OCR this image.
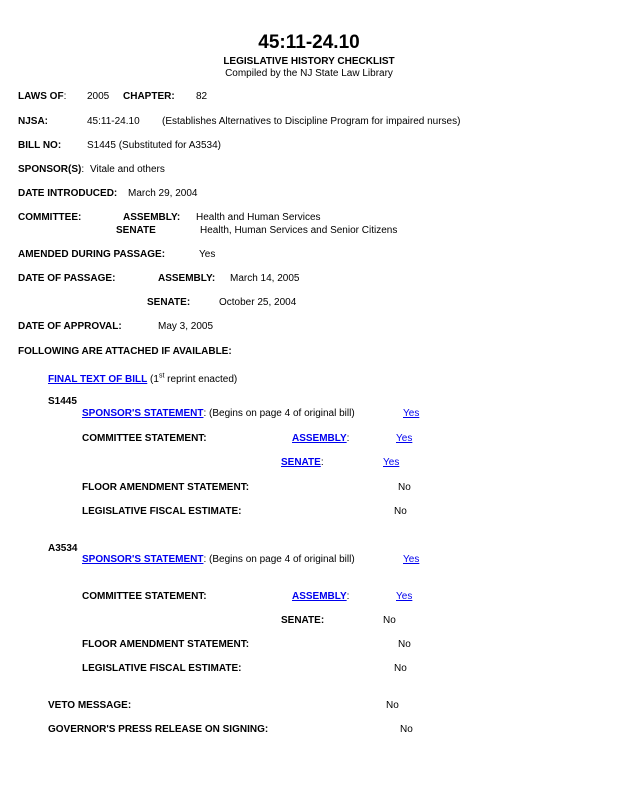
45:11-24.10
LEGISLATIVE HISTORY CHECKLIST
Compiled by the NJ State Law Library
LAWS OF: 2005 CHAPTER: 82
NJSA:	45:11-24.10 (Establishes Alternatives to Discipline Program for impaired nurses)
BILL NO:	S1445 (Substituted for A3534)
SPONSOR(S): Vitale and others
DATE INTRODUCED: March 29, 2004
COMMITTEE:	ASSEMBLY: Health and Human Services
SENATE	Health, Human Services and Senior Citizens
AMENDED DURING PASSAGE:	Yes
DATE OF PASSAGE:	ASSEMBLY: March 14, 2005
SENATE:	October 25, 2004
DATE OF APPROVAL:	May 3, 2005
FOLLOWING ARE ATTACHED IF AVAILABLE:
FINAL TEXT OF BILL (1st reprint enacted)
S1445
SPONSOR'S STATEMENT: (Begins on page 4 of original bill)	Yes
COMMITTEE STATEMENT:	ASSEMBLY:	Yes
SENATE:	Yes
FLOOR AMENDMENT STATEMENT:	No
LEGISLATIVE FISCAL ESTIMATE:	No
A3534
SPONSOR'S STATEMENT: (Begins on page 4 of original bill)	Yes
COMMITTEE STATEMENT:	ASSEMBLY:	Yes
SENATE:	No
FLOOR AMENDMENT STATEMENT:	No
LEGISLATIVE FISCAL ESTIMATE:	No
VETO MESSAGE:	No
GOVERNOR'S PRESS RELEASE ON SIGNING:	No
